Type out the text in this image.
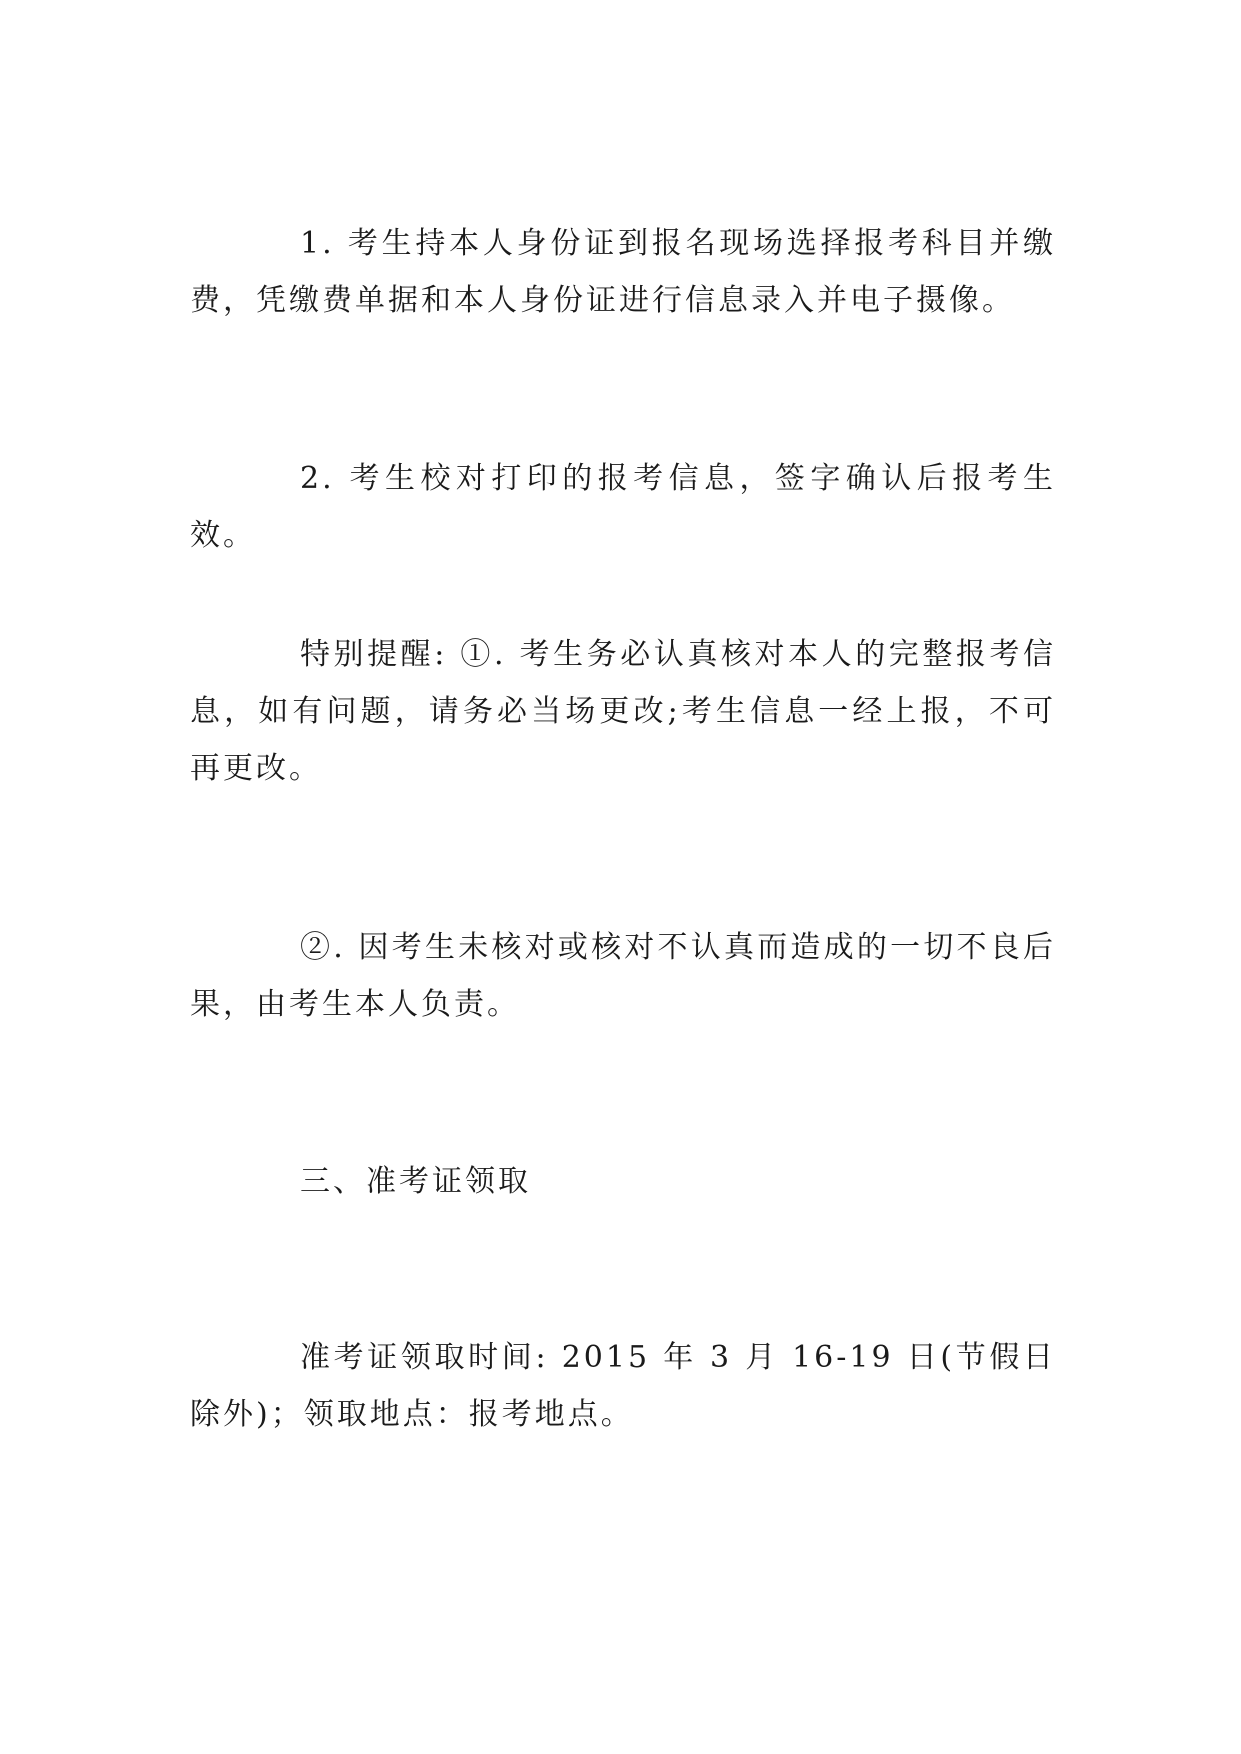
1. 考生持本人身份证到报名现场选择报考科目并缴费，凭缴费单据和本人身份证进行信息录入并电子摄像。

2. 考生校对打印的报考信息，签字确认后报考生效。

特别提醒: ①. 考生务必认真核对本人的完整报考信息，如有问题，请务必当场更改;考生信息一经上报，不可再更改。

②. 因考生未核对或核对不认真而造成的一切不良后果，由考生本人负责。

三、准考证领取

准考证领取时间: 2015 年 3 月 16-19 日(节假日除外)；领取地点：报考地点。
